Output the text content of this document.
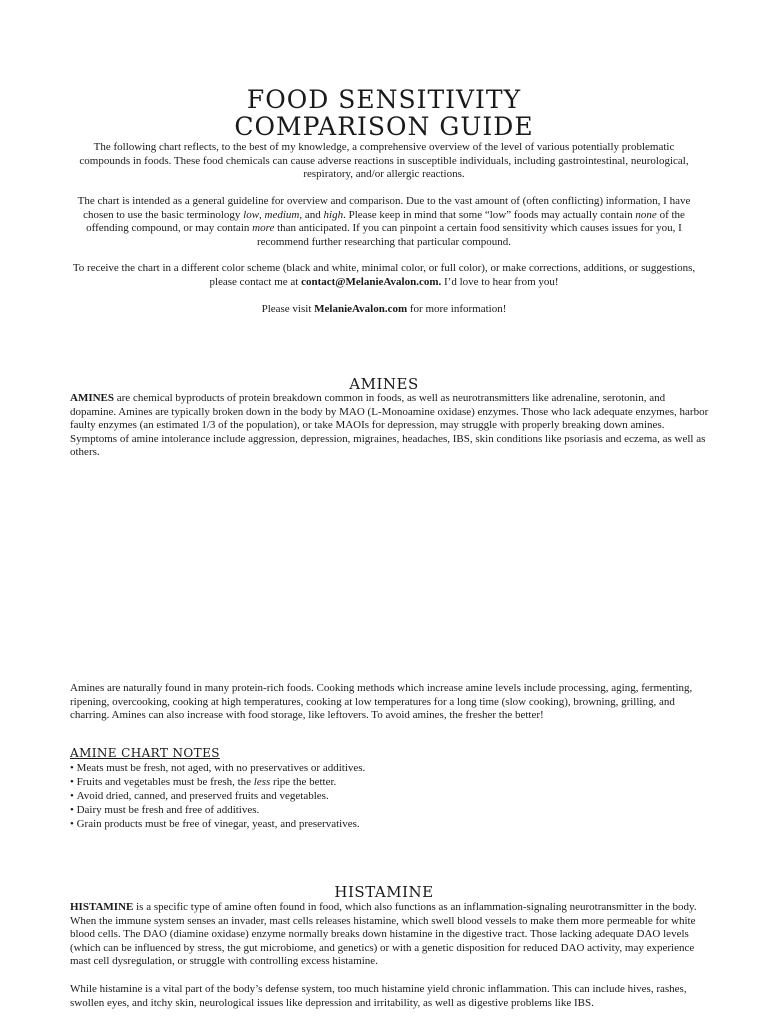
FOOD SENSITIVITY
COMPARISON GUIDE

The following chart reflects, to the best of my knowledge, a comprehensive overview of the level of various potentially problematic compounds in foods. These food chemicals can cause adverse reactions in susceptible individuals, including gastrointestinal, neurological, respiratory, and/or allergic reactions.

The chart is intended as a general guideline for overview and comparison. Due to the vast amount of (often conflicting) information, I have chosen to use the basic terminology low, medium, and high. Please keep in mind that some “low” foods may actually contain none of the offending compound, or may contain more than anticipated. If you can pinpoint a certain food sensitivity which causes issues for you, I recommend further researching that particular compound.

To receive the chart in a different color scheme (black and white, minimal color, or full color), or make corrections, additions, or suggestions, please contact me at contact@MelanieAvalon.com. I’d love to hear from you!

Please visit MelanieAvalon.com for more information!

AMINES

AMINES are chemical byproducts of protein breakdown common in foods, as well as neurotransmitters like adrenaline, serotonin, and dopamine. Amines are typically broken down in the body by MAO (L-Monoamine oxidase) enzymes. Those who lack adequate enzymes, harbor faulty enzymes (an estimated 1/3 of the population), or take MAOIs for depression, may struggle with properly breaking down amines. Symptoms of amine intolerance include aggression, depression, migraines, headaches, IBS, skin conditions like psoriasis and eczema, as well as others.

Amines are naturally found in many protein-rich foods. Cooking methods which increase amine levels include processing, aging, fermenting, ripening, overcooking, cooking at high temperatures, cooking at low temperatures for a long time (slow cooking), browning, grilling, and charring. Amines can also increase with food storage, like leftovers. To avoid amines, the fresher the better!

AMINE CHART NOTES
• Meats must be fresh, not aged, with no preservatives or additives.
• Fruits and vegetables must be fresh, the less ripe the better.
• Avoid dried, canned, and preserved fruits and vegetables.
• Dairy must be fresh and free of additives.
• Grain products must be free of vinegar, yeast, and preservatives.
HISTAMINE

HISTAMINE is a specific type of amine often found in food, which also functions as an inflammation-signaling neurotransmitter in the body. When the immune system senses an invader, mast cells releases histamine, which swell blood vessels to make them more permeable for white blood cells. The DAO (diamine oxidase) enzyme normally breaks down histamine in the digestive tract. Those lacking adequate DAO levels (which can be influenced by stress, the gut microbiome, and genetics) or with a genetic disposition for reduced DAO activity, may experience mast cell dysregulation, or struggle with controlling excess histamine.

While histamine is a vital part of the body’s defense system, too much histamine yield chronic inflammation. This can include hives, rashes, swollen eyes, and itchy skin, neurological issues like depression and irritability, as well as digestive problems like IBS.
